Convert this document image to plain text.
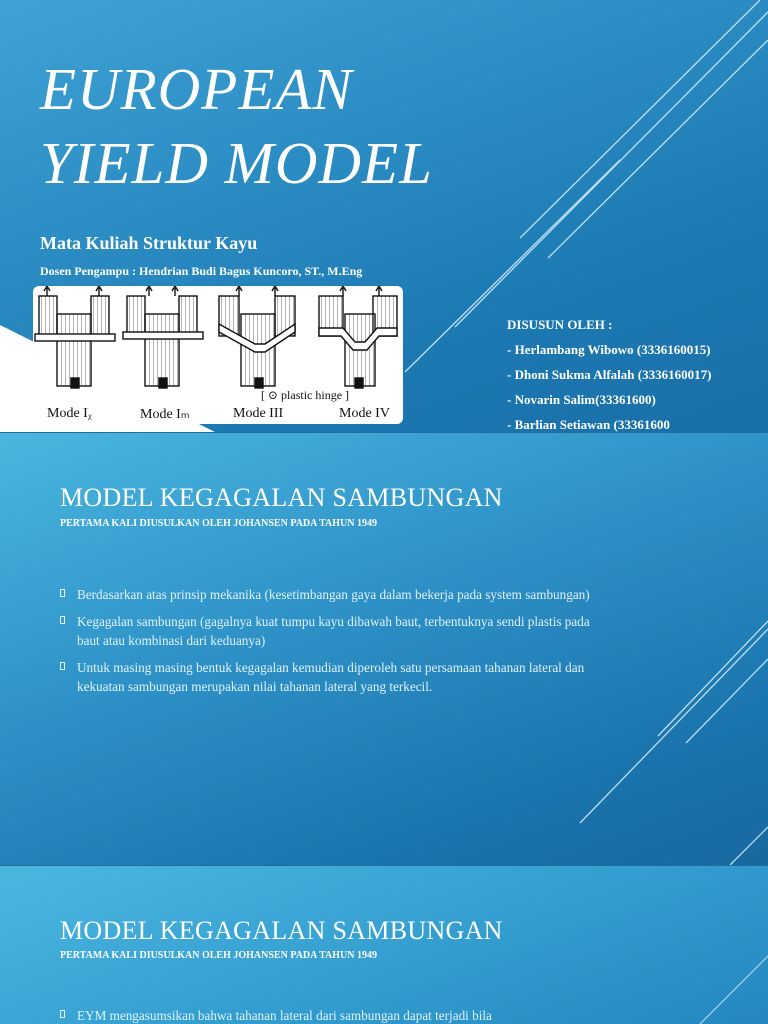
EUROPEAN
YIELD MODEL
Mata Kuliah Struktur Kayu
Dosen Pengampu : Hendrian Budi Bagus Kuncoro, ST., M.Eng
Mode Iᵪ	Mode Iₘ	Mode III	Mode IV
[ ⊙ plastic hinge ]
DISUSUN OLEH :
- Herlambang Wibowo (3336160015)
- Dhoni Sukma Alfalah (3336160017)
- Novarin Salim(33361600)
- Barlian Setiawan (33361600
MODEL KEGAGALAN SAMBUNGAN
PERTAMA KALI DIUSULKAN OLEH JOHANSEN PADA TAHUN 1949
Berdasarkan atas prinsip mekanika (kesetimbangan gaya dalam bekerja pada system sambungan)
Kegagalan sambungan (gagalnya kuat tumpu kayu dibawah baut, terbentuknya sendi plastis pada baut atau kombinasi dari keduanya)
Untuk masing masing bentuk kegagalan kemudian diperoleh satu persamaan tahanan lateral dan kekuatan sambungan merupakan nilai tahanan lateral yang terkecil.
MODEL KEGAGALAN SAMBUNGAN
PERTAMA KALI DIUSULKAN OLEH JOHANSEN PADA TAHUN 1949
EYM mengasumsikan bahwa tahanan lateral dari sambungan dapat terjadi bila
